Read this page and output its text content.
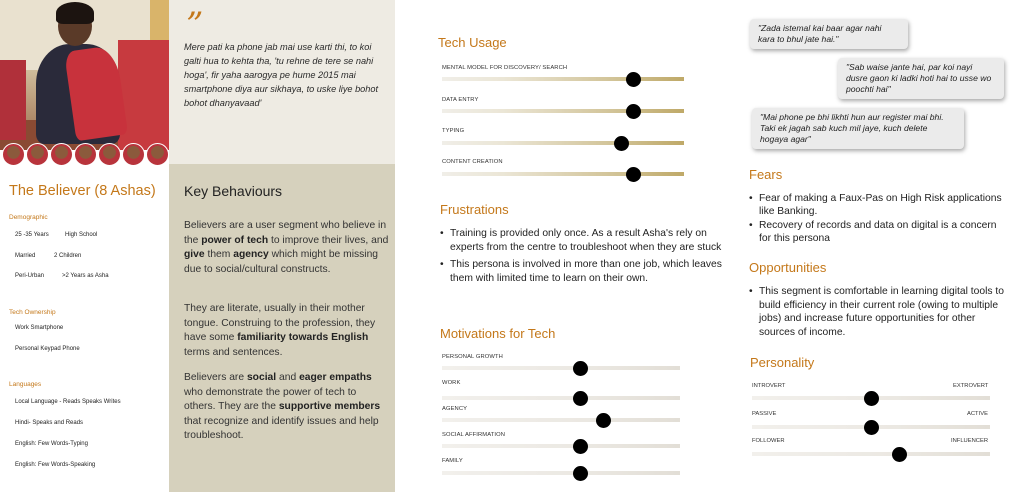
The Believer (8 Ashas)
Demographic
25 -35 Years	High School
Married	2 Children
Peri-Urban	>2 Years as Asha
Tech Ownership
Work Smartphone
Personal Keypad Phone
Languages
Local Language - Reads Speaks Writes
Hindi- Speaks and Reads
English: Few Words-Typing
English: Few Words-Speaking
”
Mere pati ka phone jab mai use karti thi, to koi galti hua to kehta tha, 'tu rehne de tere se nahi hoga', fir yaha aarogya pe hume 2015 mai smartphone diya aur sikhaya, to uske liye bohot bohot dhanyavaad'
Key Behaviours
Believers are a user segment who believe in the power of tech to improve their lives, and give them agency which might be missing due to social/cultural constructs.
They are literate, usually in their mother tongue. Construing to the profession, they have some familiarity towards English terms and sentences.
Believers are social and eager empaths who demonstrate the power of tech to others. They are the supportive members that recognize and identify issues and help troubleshoot.
Tech Usage
MENTAL MODEL FOR DISCOVERY/ SEARCH
DATA ENTRY
TYPING
CONTENT CREATION
Frustrations
• Training is provided only once. As a result Asha's rely on experts from the centre to troubleshoot when they are stuck
• This persona is involved in more than one job, which leaves them with limited time to learn on their own.
Motivations for Tech
PERSONAL GROWTH
WORK
AGENCY
SOCIAL AFFIRMATION
FAMILY
"Zada istemal kai baar agar nahi kara to bhul jate hai."
"Sab waise jante hai, par koi nayi dusre gaon ki ladki hoti hai to usse wo poochti hai"
"Mai phone pe bhi likhti hun aur register mai bhi. Taki ek jagah sab kuch mil jaye, kuch delete hogaya agar"
Fears
• Fear of making a Faux-Pas on High Risk applications like Banking.
• Recovery of records and data on digital is a concern for this persona
Opportunities
• This segment is comfortable in learning digital tools to build efficiency in their current role (owing to multiple jobs) and increase future opportunities for other sources of income.
Personality
INTROVERT	EXTROVERT
PASSIVE	ACTIVE
FOLLOWER	INFLUENCER
